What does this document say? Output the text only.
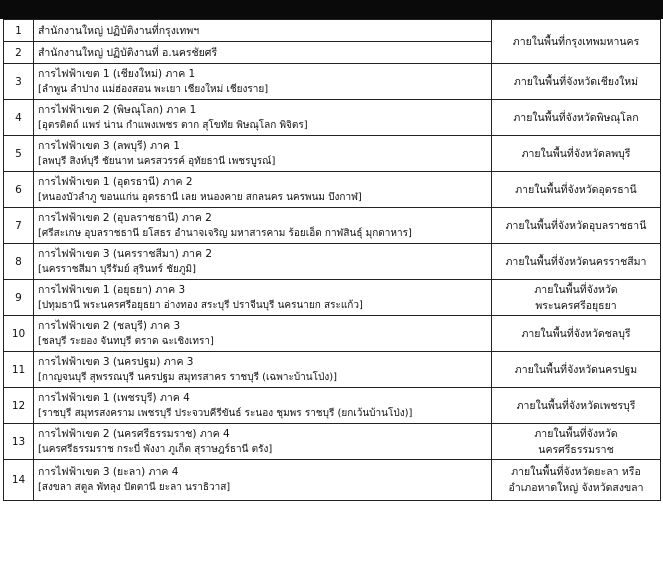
1	สำนักงานใหญ่ ปฏิบัติงานที่กรุงเทพฯ	ภายในพื้นที่กรุงเทพมหานคร

2	สำนักงานใหญ่ ปฏิบัติงานที่ อ.นครชัยศรี	

3	การไฟฟ้าเขต 1 (เชียงใหม่) ภาค 1
[ลำพูน ลำปาง แม่ฮ่องสอน พะเยา เชียงใหม่ เชียงราย]	ภายในพื้นที่จังหวัดเชียงใหม่

4	การไฟฟ้าเขต 2 (พิษณุโลก) ภาค 1
[อุตรดิตถ์ แพร่ น่าน กำแพงเพชร ตาก สุโขทัย พิษณุโลก พิจิตร]	ภายในพื้นที่จังหวัดพิษณุโลก

5	การไฟฟ้าเขต 3 (ลพบุรี) ภาค 1
[ลพบุรี สิงห์บุรี ชัยนาท นครสวรรค์ อุทัยธานี เพชรบูรณ์]	ภายในพื้นที่จังหวัดลพบุรี

6	การไฟฟ้าเขต 1 (อุดรธานี) ภาค 2
[หนองบัวลำภู ขอนแก่น อุดรธานี เลย หนองคาย สกลนคร นครพนม บึงกาฬ]	ภายในพื้นที่จังหวัดอุดรธานี

7	การไฟฟ้าเขต 2 (อุบลราชธานี) ภาค 2
[ศรีสะเกษ อุบลราชธานี ยโสธร อำนาจเจริญ มหาสารคาม ร้อยเอ็ด กาฬสินธุ์ มุกดาหาร]	ภายในพื้นที่จังหวัดอุบลราชธานี

8	การไฟฟ้าเขต 3 (นครราชสีมา) ภาค 2
[นครราชสีมา บุรีรัมย์ สุรินทร์ ชัยภูมิ]	ภายในพื้นที่จังหวัดนครราชสีมา

9	การไฟฟ้าเขต 1 (อยุธยา) ภาค 3
[ปทุมธานี พระนครศรีอยุธยา อ่างทอง สระบุรี ปราจีนบุรี นครนายก สระแก้ว]	ภายในพื้นที่จังหวัด
พระนครศรีอยุธยา

10	การไฟฟ้าเขต 2 (ชลบุรี) ภาค 3
[ชลบุรี ระยอง จันทบุรี ตราด ฉะเชิงเทรา]	ภายในพื้นที่จังหวัดชลบุรี

11	การไฟฟ้าเขต 3 (นครปฐม) ภาค 3
[กาญจนบุรี สุพรรณบุรี นครปฐม สมุทรสาคร ราชบุรี (เฉพาะบ้านโป่ง)]	ภายในพื้นที่จังหวัดนครปฐม

12	การไฟฟ้าเขต 1 (เพชรบุรี) ภาค 4
[ราชบุรี สมุทรสงคราม เพชรบุรี ประจวบคีรีขันธ์ ระนอง ชุมพร ราชบุรี (ยกเว้นบ้านโป่ง)]	ภายในพื้นที่จังหวัดเพชรบุรี

13	การไฟฟ้าเขต 2 (นครศรีธรรมราช) ภาค 4
[นครศรีธรรมราช กระบี่ พังงา ภูเก็ต สุราษฎร์ธานี ตรัง]	ภายในพื้นที่จังหวัด
นครศรีธรรมราช

14	การไฟฟ้าเขต 3 (ยะลา) ภาค 4
[สงขลา สตูล พัทลุง ปัตตานี ยะลา นราธิวาส]	ภายในพื้นที่จังหวัดยะลา หรือ
อำเภอหาดใหญ่ จังหวัดสงขลา
